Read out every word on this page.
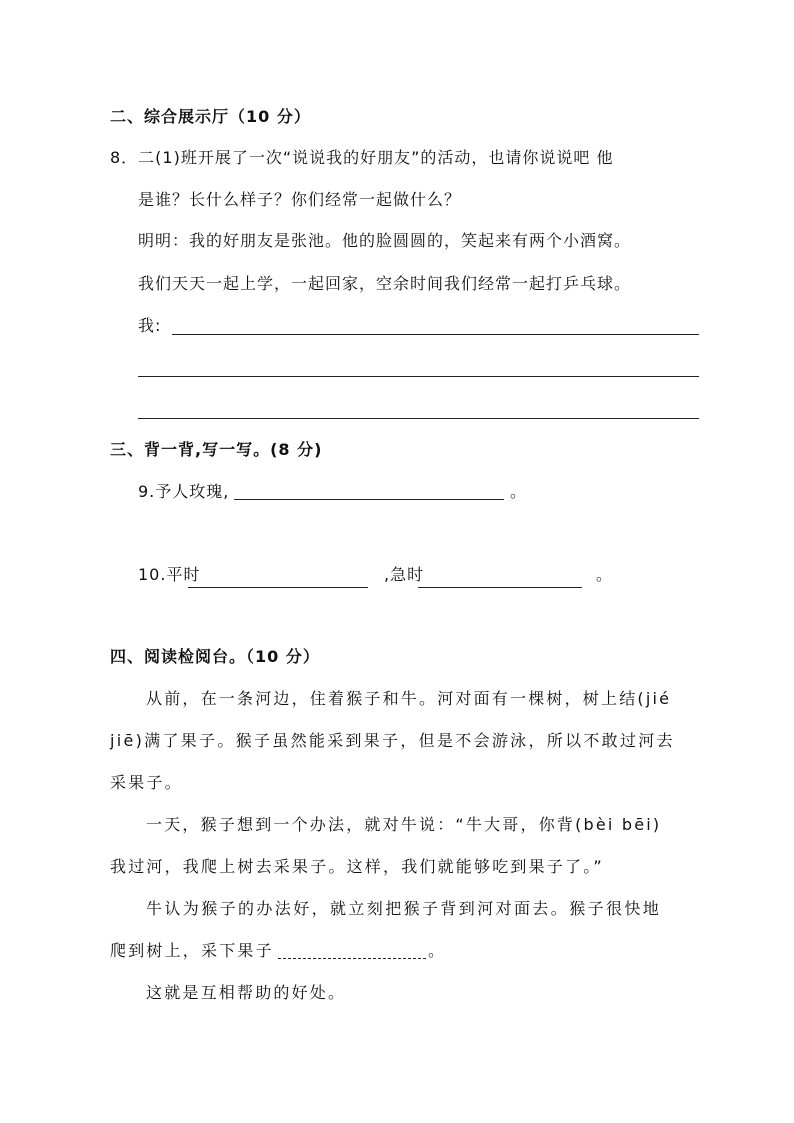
二、综合展示厅（10 分）
8．二(1)班开展了一次“说说我的好朋友”的活动，也请你说说吧 他
是谁？长什么样子？你们经常一起做什么？
明明：我的好朋友是张池。他的脸圆圆的，笑起来有两个小酒窝。
我们天天一起上学，一起回家，空余时间我们经常一起打乒乓球。
我:
三、背一背,写一写。(8 分)
9.予人玫瑰,	。
10.平时	,急时	。
四、阅读检阅台。（10 分）
从前，在一条河边，住着猴子和牛。河对面有一棵树，树上结(jié
jiē)满了果子。猴子虽然能采到果子，但是不会游泳，所以不敢过河去
采果子。
一天，猴子想到一个办法，就对牛说：“牛大哥，你背(bèi bēi)
我过河，我爬上树去采果子。这样，我们就能够吃到果子了。”
牛认为猴子的办法好，就立刻把猴子背到河对面去。猴子很快地
爬到树上，采下果子	。
这就是互相帮助的好处。
